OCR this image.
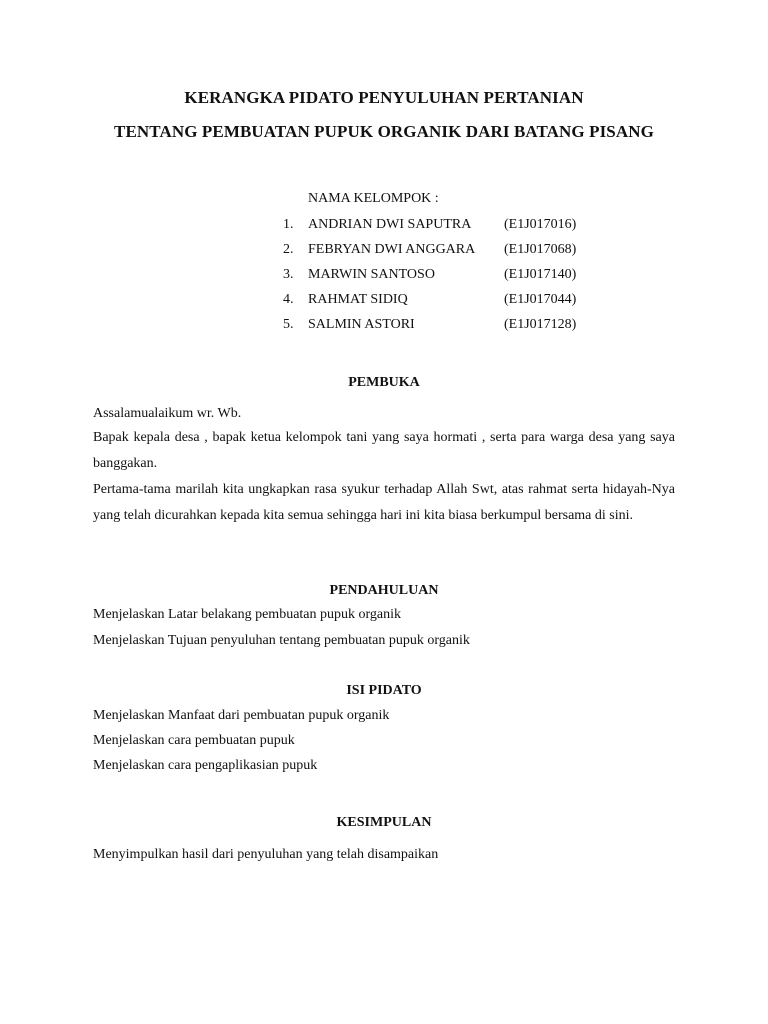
KERANGKA PIDATO PENYULUHAN PERTANIAN
TENTANG PEMBUATAN PUPUK ORGANIK DARI BATANG PISANG
NAMA KELOMPOK :
1. ANDRIAN DWI SAPUTRA (E1J017016)
2. FEBRYAN DWI ANGGARA (E1J017068)
3. MARWIN SANTOSO	(E1J017140)
4. RAHMAT SIDIQ	(E1J017044)
5. SALMIN ASTORI	(E1J017128)
PEMBUKA
Assalamualaikum wr. Wb.
Bapak kepala desa , bapak ketua kelompok tani yang saya hormati , serta para warga desa yang saya banggakan.
Pertama-tama marilah kita ungkapkan rasa syukur terhadap Allah Swt, atas rahmat serta hidayah-Nya yang telah dicurahkan kepada kita semua sehingga hari ini kita biasa berkumpul bersama di sini.
PENDAHULUAN
Menjelaskan Latar belakang pembuatan pupuk organik
Menjelaskan Tujuan penyuluhan tentang pembuatan pupuk organik
ISI PIDATO
Menjelaskan Manfaat dari pembuatan pupuk organik
Menjelaskan cara pembuatan pupuk
Menjelaskan cara pengaplikasian pupuk
KESIMPULAN
Menyimpulkan hasil dari penyuluhan yang telah disampaikan
